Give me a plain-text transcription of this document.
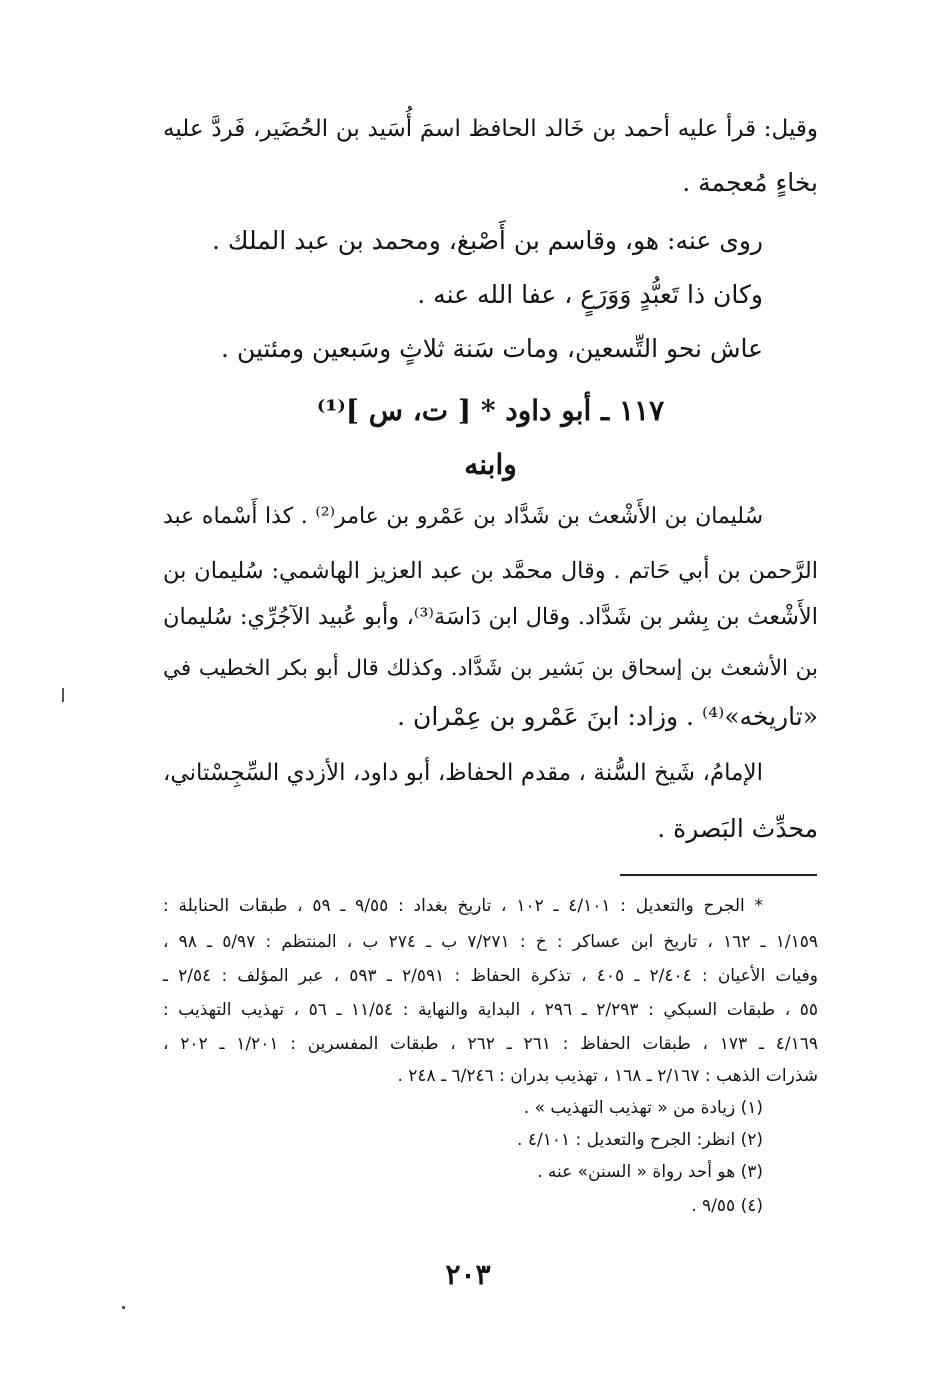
وقيل: قرأ عليه أحمد بن خَالد الحافظ اسمَ أُسَيد بن الحُضَير، فَردَّ عليه

بخاءٍ مُعجمة .

روى عنه: هو، وقاسم بن أَصْبغ، ومحمد بن عبد الملك .

وكان ذا تَعبُّدٍ وَوَرَعٍ ، عفا الله عنه .

عاش نحو التِّسعين، ومات سَنة ثلاثٍ وسَبعين ومئتين .

١١٧ ـ أبو داود * [ ت، س ]⁽¹⁾

وابنه

سُليمان بن الأَشْعث بن شَدَّاد بن عَمْرو بن عامر⁽²⁾ . كذا أَسْماه عبد

الرَّحمن بن أبي حَاتم . وقال محمَّد بن عبد العزيز الهاشمي: سُليمان بن

الأَشْعث بن بِشر بن شَدَّاد. وقال ابن دَاسَة⁽³⁾، وأبو عُبيد الآجُرِّي: سُليمان

بن الأشعث بن إسحاق بن بَشير بن شَدَّاد. وكذلك قال أبو بكر الخطيب في

«تاريخه»⁽⁴⁾ . وزاد: ابنَ عَمْرو بن عِمْران .

الإمامُ، شَيخ السُّنة ، مقدم الحفاظ، أبو داود، الأزدي السِّجِسْتاني،

محدِّث البَصرة .

* الجرح والتعديل : ٤/١٠١ ـ ١٠٢ ، تاريخ بغداد : ٩/٥٥ ـ ٥٩ ، طبقات الحنابلة :

١/١٥٩ ـ ١٦٢ ، تاريخ ابن عساكر : خ : ٧/٢٧١ ب ـ ٢٧٤ ب ، المنتظم : ٥/٩٧ ـ ٩٨ ،

وفيات الأعيان : ٢/٤٠٤ ـ ٤٠٥ ، تذكرة الحفاظ : ٢/٥٩١ ـ ٥٩٣ ، عبر المؤلف : ٢/٥٤ ـ

٥٥ ، طبقات السبكي : ٢/٢٩٣ ـ ٢٩٦ ، البداية والنهاية : ١١/٥٤ ـ ٥٦ ، تهذيب التهذيب :

٤/١٦٩ ـ ١٧٣ ، طبقات الحفاظ : ٢٦١ ـ ٢٦٢ ، طبقات المفسرين : ١/٢٠١ ـ ٢٠٢ ،

شذرات الذهب : ٢/١٦٧ ـ ١٦٨ ، تهذيب بدران : ٦/٢٤٦ ـ ٢٤٨ .

(١) زيادة من « تهذيب التهذيب » .

(٢) انظر: الجرح والتعديل : ٤/١٠١ .

(٣) هو أحد رواة « السنن» عنه .

(٤) ٩/٥٥ .

٢٠٣
